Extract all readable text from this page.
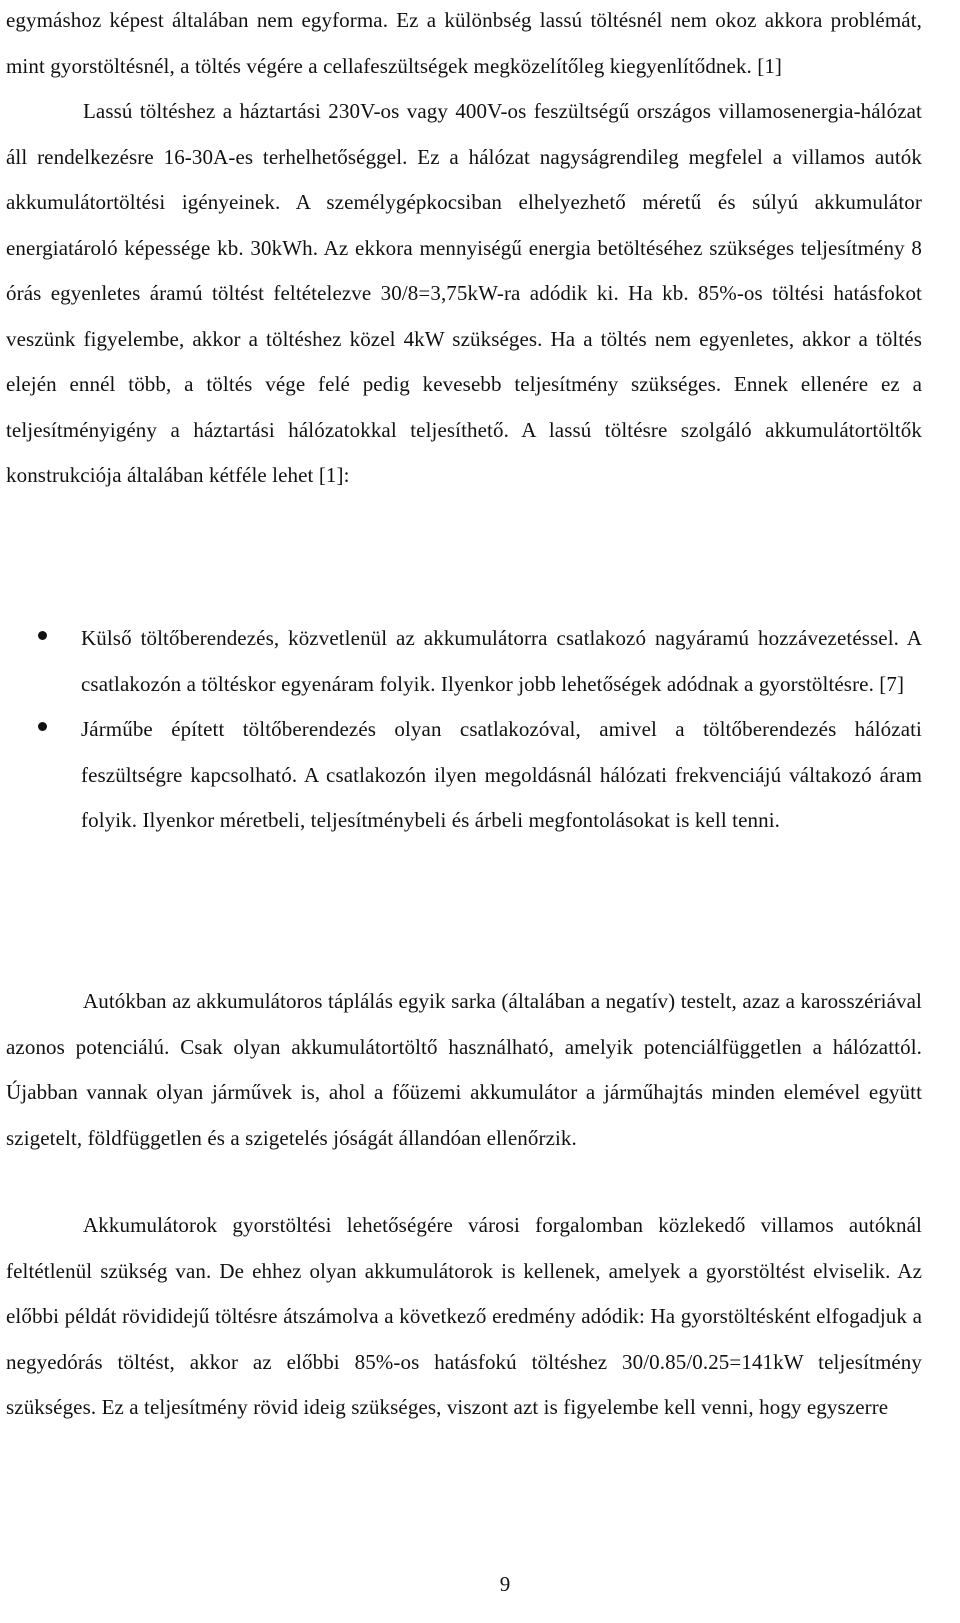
egymáshoz képest általában nem egyforma. Ez a különbség lassú töltésnél nem okoz akkora problémát, mint gyorstöltésnél, a töltés végére a cellafeszültségek megközelítőleg kiegyenlítődnek. [1]

Lassú töltéshez a háztartási 230V-os vagy 400V-os feszültségű országos villamosenergia-hálózat áll rendelkezésre 16-30A-es terhelhetőséggel. Ez a hálózat nagyságrendileg megfelel a villamos autók akkumulátortöltési igényeinek. A személygépkocsiban elhelyezhető méretű és súlyú akkumulátor energiatároló képessége kb. 30kWh. Az ekkora mennyiségű energia betöltéséhez szükséges teljesítmény 8 órás egyenletes áramú töltést feltételezve 30/8=3,75kW-ra adódik ki. Ha kb. 85%-os töltési hatásfokot veszünk figyelembe, akkor a töltéshez közel 4kW szükséges. Ha a töltés nem egyenletes, akkor a töltés elején ennél több, a töltés vége felé pedig kevesebb teljesítmény szükséges. Ennek ellenére ez a teljesítményigény a háztartási hálózatokkal teljesíthető. A lassú töltésre szolgáló akkumulátortöltők konstrukciója általában kétféle lehet [1]:

Külső töltőberendezés, közvetlenül az akkumulátorra csatlakozó nagyáramú hozzávezetéssel. A csatlakozón a töltéskor egyenáram folyik. Ilyenkor jobb lehetőségek adódnak a gyorstöltésre. [7]

Járműbe épített töltőberendezés olyan csatlakozóval, amivel a töltőberendezés hálózati feszültségre kapcsolható. A csatlakozón ilyen megoldásnál hálózati frekvenciájú váltakozó áram folyik. Ilyenkor méretbeli, teljesítménybeli és árbeli megfontolásokat is kell tenni.

Autókban az akkumulátoros táplálás egyik sarka (általában a negatív) testelt, azaz a karosszériával azonos potenciálú. Csak olyan akkumulátortöltő használható, amelyik potenciálfüggetlen a hálózattól. Újabban vannak olyan járművek is, ahol a főüzemi akkumulátor a járműhajtás minden elemével együtt szigetelt, földfüggetlen és a szigetelés jóságát állandóan ellenőrzik.

Akkumulátorok gyorstöltési lehetőségére városi forgalomban közlekedő villamos autóknál feltétlenül szükség van. De ehhez olyan akkumulátorok is kellenek, amelyek a gyorstöltést elviselik. Az előbbi példát rövididejű töltésre átszámolva a következő eredmény adódik: Ha gyorstöltésként elfogadjuk a negyedórás töltést, akkor az előbbi 85%-os hatásfokú töltéshez 30/0.85/0.25=141kW teljesítmény szükséges. Ez a teljesítmény rövid ideig szükséges, viszont azt is figyelembe kell venni, hogy egyszerre

9
